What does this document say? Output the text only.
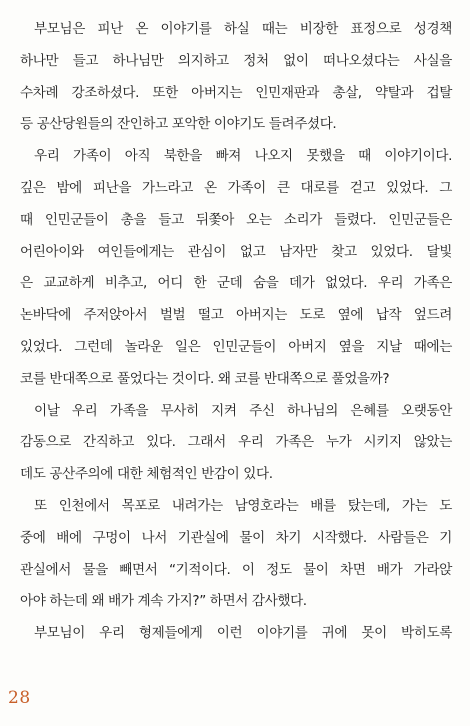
부모님은 피난 온 이야기를 하실 때는 비장한 표정으로 성경책
하나만 들고 하나님만 의지하고 정처 없이 떠나오셨다는 사실을
수차례 강조하셨다. 또한 아버지는 인민재판과 총살, 약탈과 겁탈
등 공산당원들의 잔인하고 포악한 이야기도 들려주셨다.
우리 가족이 아직 북한을 빠져 나오지 못했을 때 이야기이다.
깊은 밤에 피난을 가느라고 온 가족이 큰 대로를 걷고 있었다. 그
때 인민군들이 총을 들고 뒤쫓아 오는 소리가 들렸다. 인민군들은
어린아이와 여인들에게는 관심이 없고 남자만 찾고 있었다. 달빛
은 교교하게 비추고, 어디 한 군데 숨을 데가 없었다. 우리 가족은
논바닥에 주저앉아서 벌벌 떨고 아버지는 도로 옆에 납작 엎드려
있었다. 그런데 놀라운 일은 인민군들이 아버지 옆을 지날 때에는
코를 반대쪽으로 풀었다는 것이다. 왜 코를 반대쪽으로 풀었을까?
이날 우리 가족을 무사히 지켜 주신 하나님의 은혜를 오랫동안
감동으로 간직하고 있다. 그래서 우리 가족은 누가 시키지 않았는
데도 공산주의에 대한 체험적인 반감이 있다.
또 인천에서 목포로 내려가는 남영호라는 배를 탔는데, 가는 도
중에 배에 구멍이 나서 기관실에 물이 차기 시작했다. 사람들은 기
관실에서 물을 빼면서 “기적이다. 이 정도 물이 차면 배가 가라앉
아야 하는데 왜 배가 계속 가지?” 하면서 감사했다.
부모님이 우리 형제들에게 이런 이야기를 귀에 못이 박히도록
28
